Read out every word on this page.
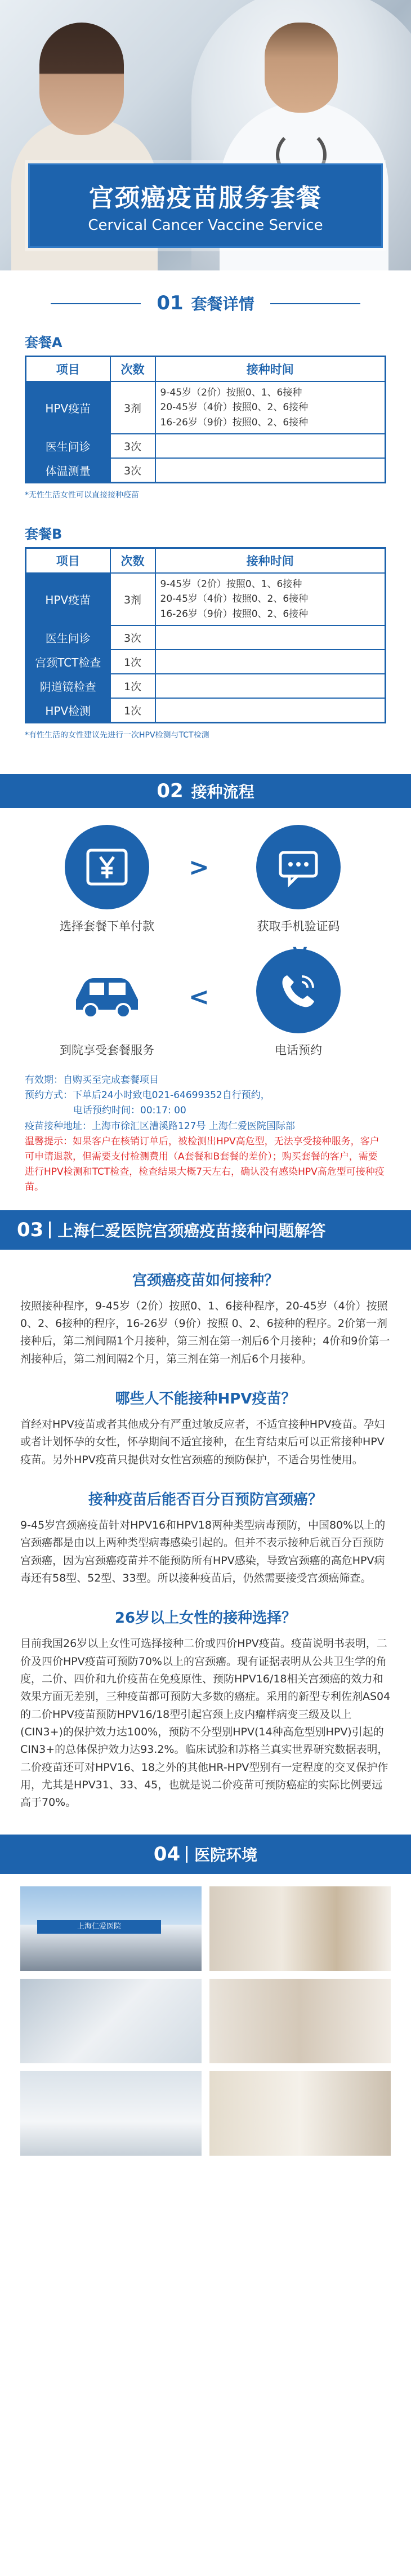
宫颈癌疫苗服务套餐
Cervical Cancer Vaccine Service
01 套餐详情
套餐A
项目	次数	接种时间
HPV疫苗	3剂	9-45岁（2价）按照0、1、6接种
20-45岁（4价）按照0、2、6接种
16-26岁（9价）按照0、2、6接种

医生问诊	3次	
体温测量	3次	
*无性生活女性可以直接接种疫苗
套餐B
项目	次数	接种时间
HPV疫苗	3剂	9-45岁（2价）按照0、1、6接种
20-45岁（4价）按照0、2、6接种
16-26岁（9价）按照0、2、6接种

医生问诊	3次	
宫颈TCT检查	1次	
阴道镜检查	1次	
HPV检测	1次	
*有性生活的女性建议先进行一次HPV检测与TCT检测
02 接种流程
选择套餐下单付款
>
获取手机验证码
电话预约
<
到院享受套餐服务
有效期：自购买至完成套餐项目
预约方式：下单后24小时致电021-64699352自行预约，
电话预约时间：00:17: 00
疫苗接种地址：上海市徐汇区漕溪路127号 上海仁爱医院国际部
温馨提示：如果客户在核销订单后，被检测出HPV高危型，无法享受接种服务，客户可申请退款，但需要支付检测费用（A套餐和B套餐的差价）；购买套餐的客户，需要进行HPV检测和TCT检查，检查结果大概7天左右，确认没有感染HPV高危型可接种疫苗。
03 上海仁爱医院宫颈癌疫苗接种问题解答
宫颈癌疫苗如何接种？

按照接种程序，9-45岁（2价）按照0、1、6接种程序，20-45岁（4价）按照0、2、6接种的程序，16-26岁（9价）按照 0、2、6接种的程序。2价第一剂接种后，第二剂间隔1个月接种，第三剂在第一剂后6个月接种；4价和9价第一剂接种后，第二剂间隔2个月，第三剂在第一剂后6个月接种。

哪些人不能接种HPV疫苗？

首经对HPV疫苗或者其他成分有严重过敏反应者，不适宜接种HPV疫苗。孕妇或者计划怀孕的女性，怀孕期间不适宜接种，在生育结束后可以正常接种HPV疫苗。另外HPV疫苗只提供对女性宫颈癌的预防保护，不适合男性使用。

接种疫苗后能否百分百预防宫颈癌？

9-45岁宫颈癌疫苗针对HPV16和HPV18两种类型病毒预防，中国80%以上的宫颈癌都是由以上两种类型病毒感染引起的。但并不表示接种后就百分百预防宫颈癌，因为宫颈癌疫苗并不能预防所有HPV感染，导致宫颈癌的高危HPV病毒还有58型、52型、33型。所以接种疫苗后，仍然需要接受宫颈癌筛查。

26岁以上女性的接种选择？

目前我国26岁以上女性可选择接种二价或四价HPV疫苗。疫苗说明书表明，二价及四价HPV疫苗可预防70%以上的宫颈癌。现有证据表明从公共卫生学的角度，二价、四价和九价疫苗在免疫原性、预防HPV16/18相关宫颈癌的效力和效果方面无差别，三种疫苗都可预防大多数的癌症。采用的新型专利佐剂AS04的二价HPV疫苗预防HPV16/18型引起宫颈上皮内瘤样病变三级及以上(CIN3+)的保护效力达100%，预防不分型别HPV(14种高危型别HPV)引起的CIN3+的总体保护效力达93.2%。临床试验和苏格兰真实世界研究数据表明，二价疫苗还可对HPV16、18之外的其他HR-HPV型别有一定程度的交叉保护作用，尤其是HPV31、33、45，也就是说二价疫苗可预防癌症的实际比例要远高于70%。

04 医院环境
上海仁爱医院
